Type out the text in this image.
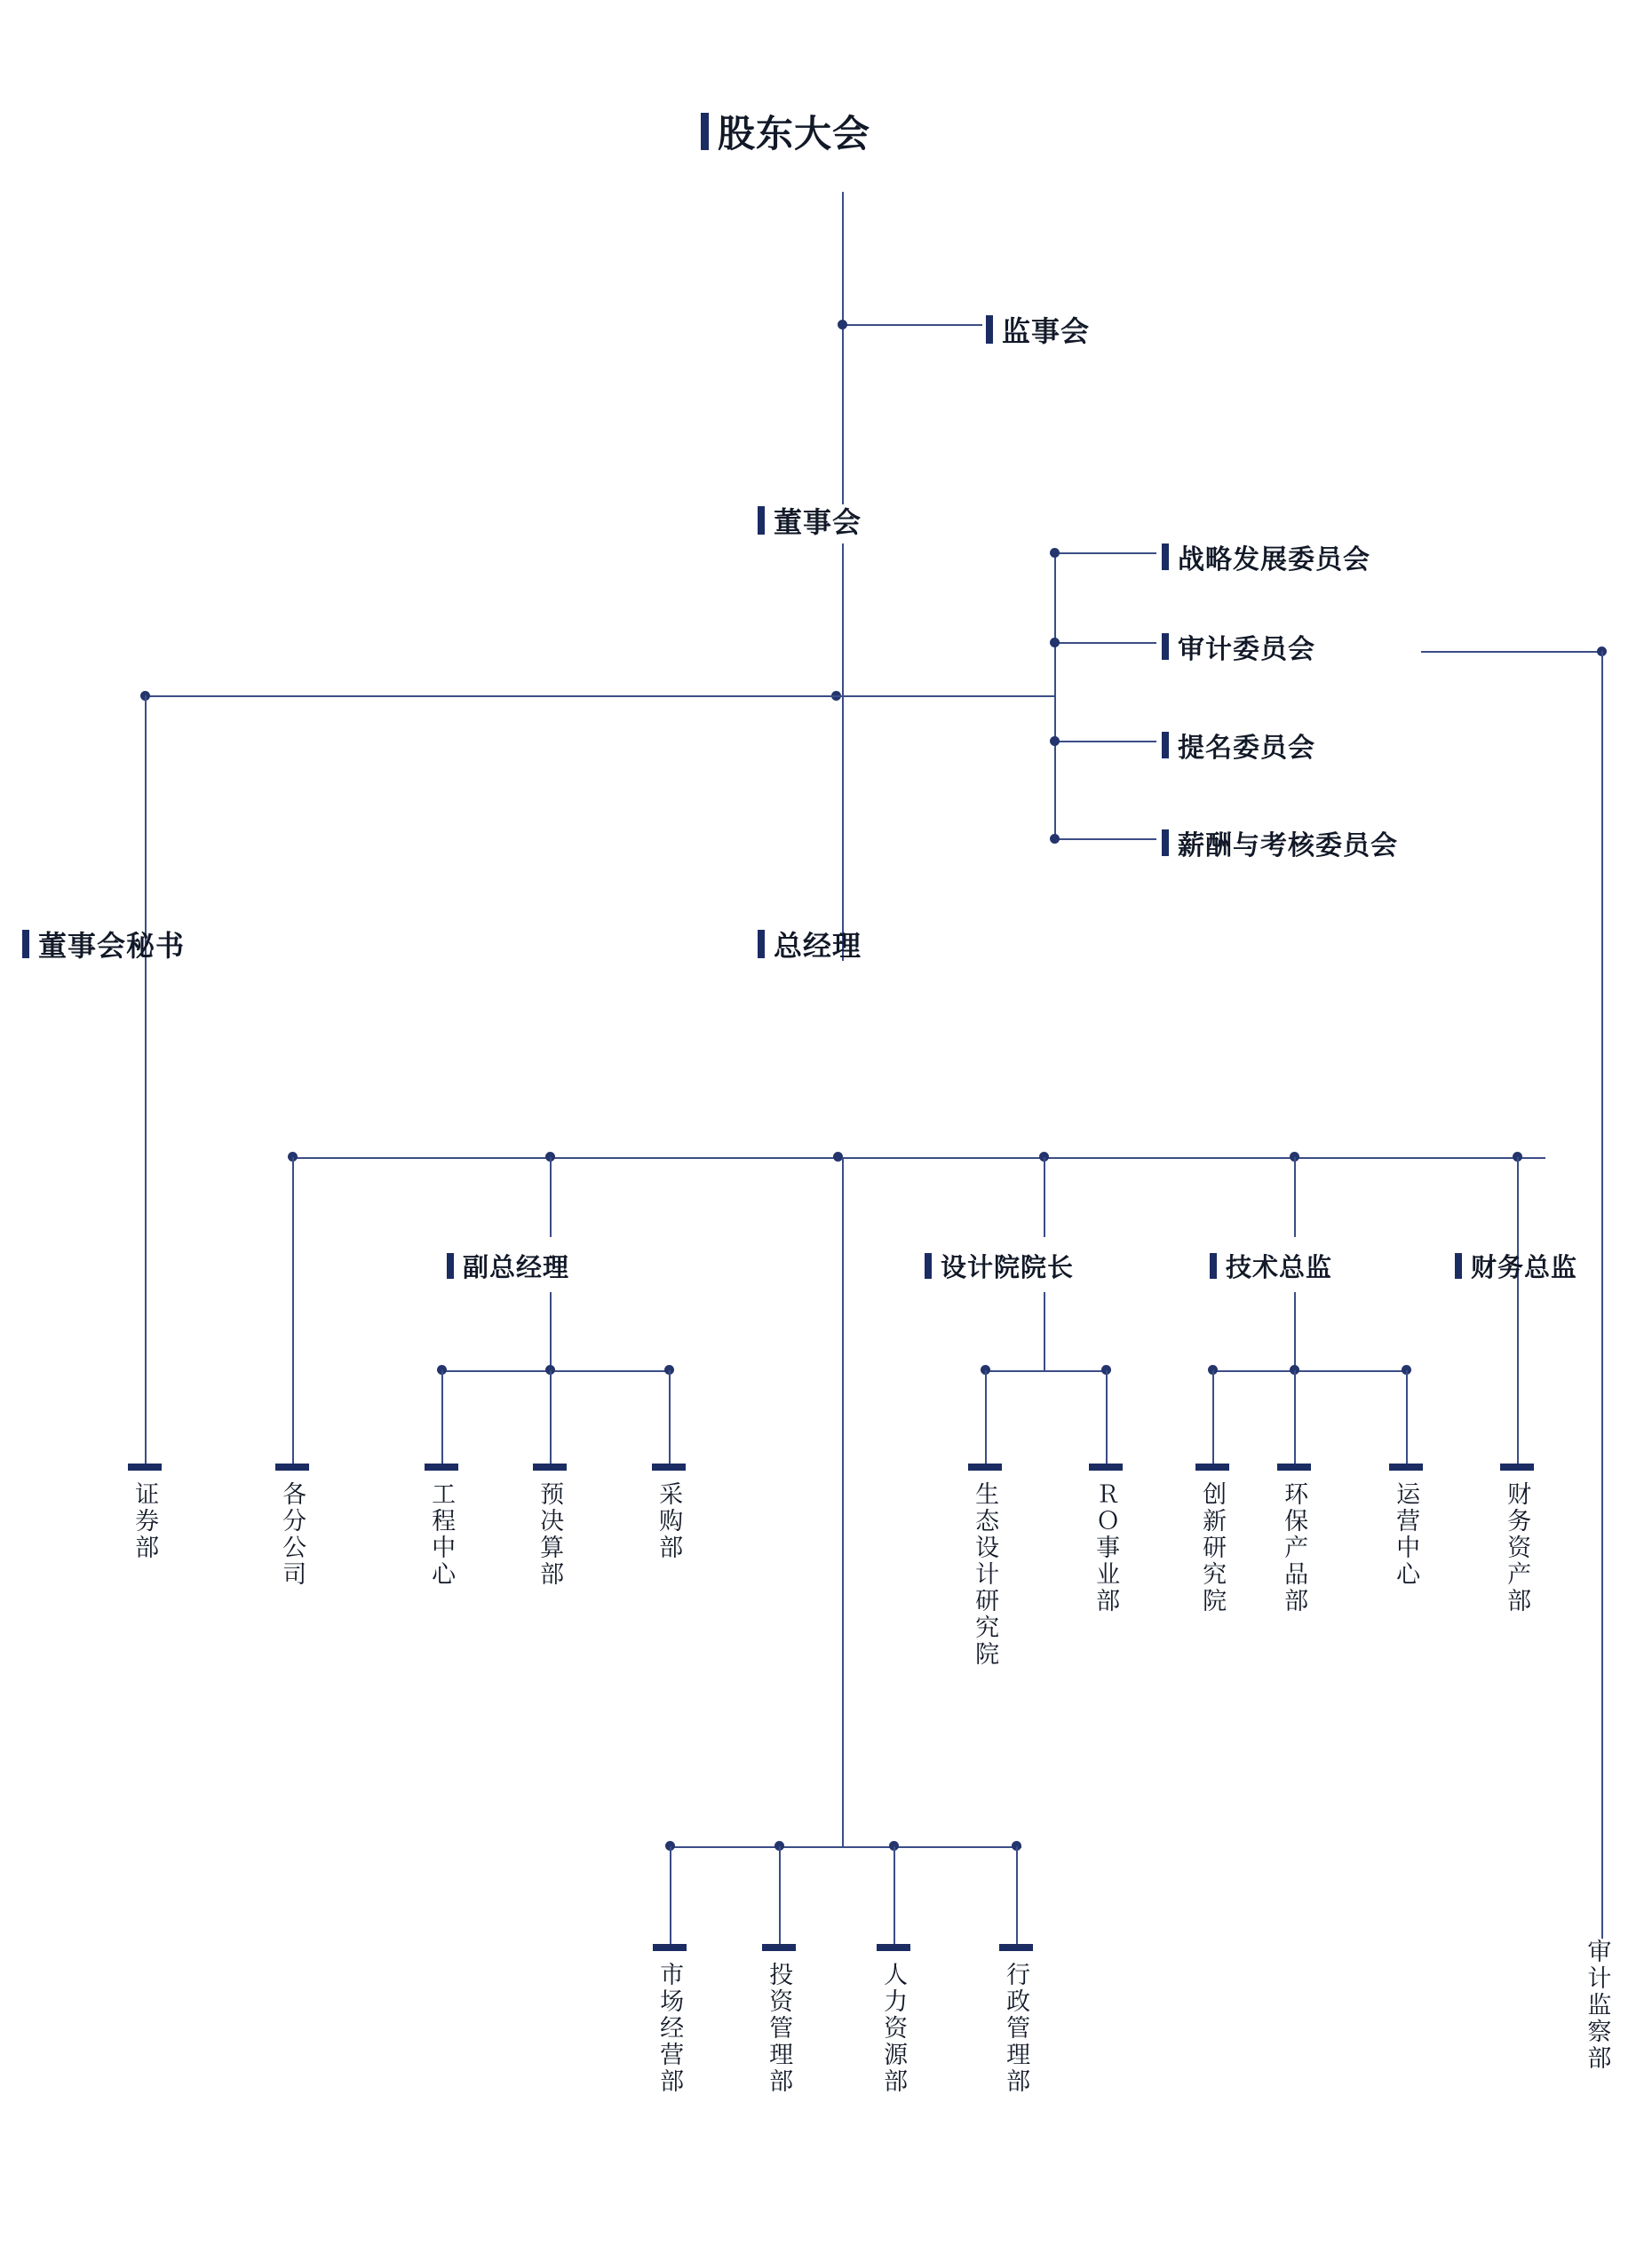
股东大会
监事会
董事会
战略发展委员会
审计委员会
提名委员会
薪酬与考核委员会
董事会秘书	总经理
副总经理	设计院院长	技术总监	财务总监
证券部	各分公司	工程中心	预决算部	采购部	生态设计研究院	ＲＯ事业部	创新研究院 环保产品部	运营中心	财务资产部
市场经营部	投资管理部	人力资源部	行政管理部	审计监察部
